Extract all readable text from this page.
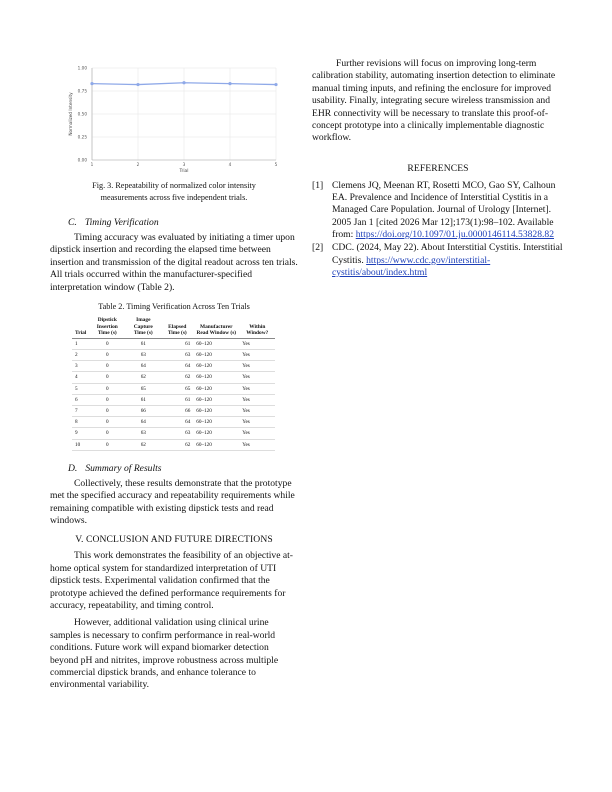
0.00
0.25
0.50
0.75
1.00
1	2	3	4	5
Trial
Normalized Intensity
Fig. 3. Repeatability of normalized color intensity measurements across five independent trials.
C. Timing Verification

Timing accuracy was evaluated by initiating a timer upon dipstick insertion and recording the elapsed time between insertion and transmission of the digital readout across ten trials. All trials occurred within the manufacturer-specified interpretation window (Table 2).

Table 2. Timing Verification Across Ten Trials
Trial	Dipstick Insertion Time (s)	Image Capture Time (s)	Elapsed Time (s)	Manufacturer Read Window (s)	Within Window?
1	0	61	61	60–120	Yes
2	0	63	63	60–120	Yes
3	0	64	64	60–120	Yes
4	0	62	62	60–120	Yes
5	0	65	65	60–120	Yes
6	0	61	61	60–120	Yes
7	0	66	66	60–120	Yes
8	0	64	64	60–120	Yes
9	0	63	63	60–120	Yes
10	0	62	62	60–120	Yes
D. Summary of Results

Collectively, these results demonstrate that the prototype met the specified accuracy and repeatability requirements while remaining compatible with existing dipstick tests and read windows.

V. CONCLUSION AND FUTURE DIRECTIONS

This work demonstrates the feasibility of an objective at-home optical system for standardized interpretation of UTI dipstick tests. Experimental validation confirmed that the prototype achieved the defined performance requirements for accuracy, repeatability, and timing control.

However, additional validation using clinical urine samples is necessary to confirm performance in real-world conditions. Future work will expand biomarker detection beyond pH and nitrites, improve robustness across multiple commercial dipstick brands, and enhance tolerance to environmental variability.

Further revisions will focus on improving long-term calibration stability, automating insertion detection to eliminate manual timing inputs, and refining the enclosure for improved usability. Finally, integrating secure wireless transmission and EHR connectivity will be necessary to translate this proof-of-concept prototype into a clinically implementable diagnostic workflow.

REFERENCES
[1] Clemens JQ, Meenan RT, Rosetti MCO, Gao SY, Calhoun EA. Prevalence and Incidence of Interstitial Cystitis in a Managed Care Population. Journal of Urology [Internet]. 2005 Jan 1 [cited 2026 Mar 12];173(1):98–102. Available from: https://doi.org/10.1097/01.ju.0000146114.53828.82
[2] CDC. (2024, May 22). About Interstitial Cystitis. Interstitial Cystitis. https://www.cdc.gov/interstitial-cystitis/about/index.html
